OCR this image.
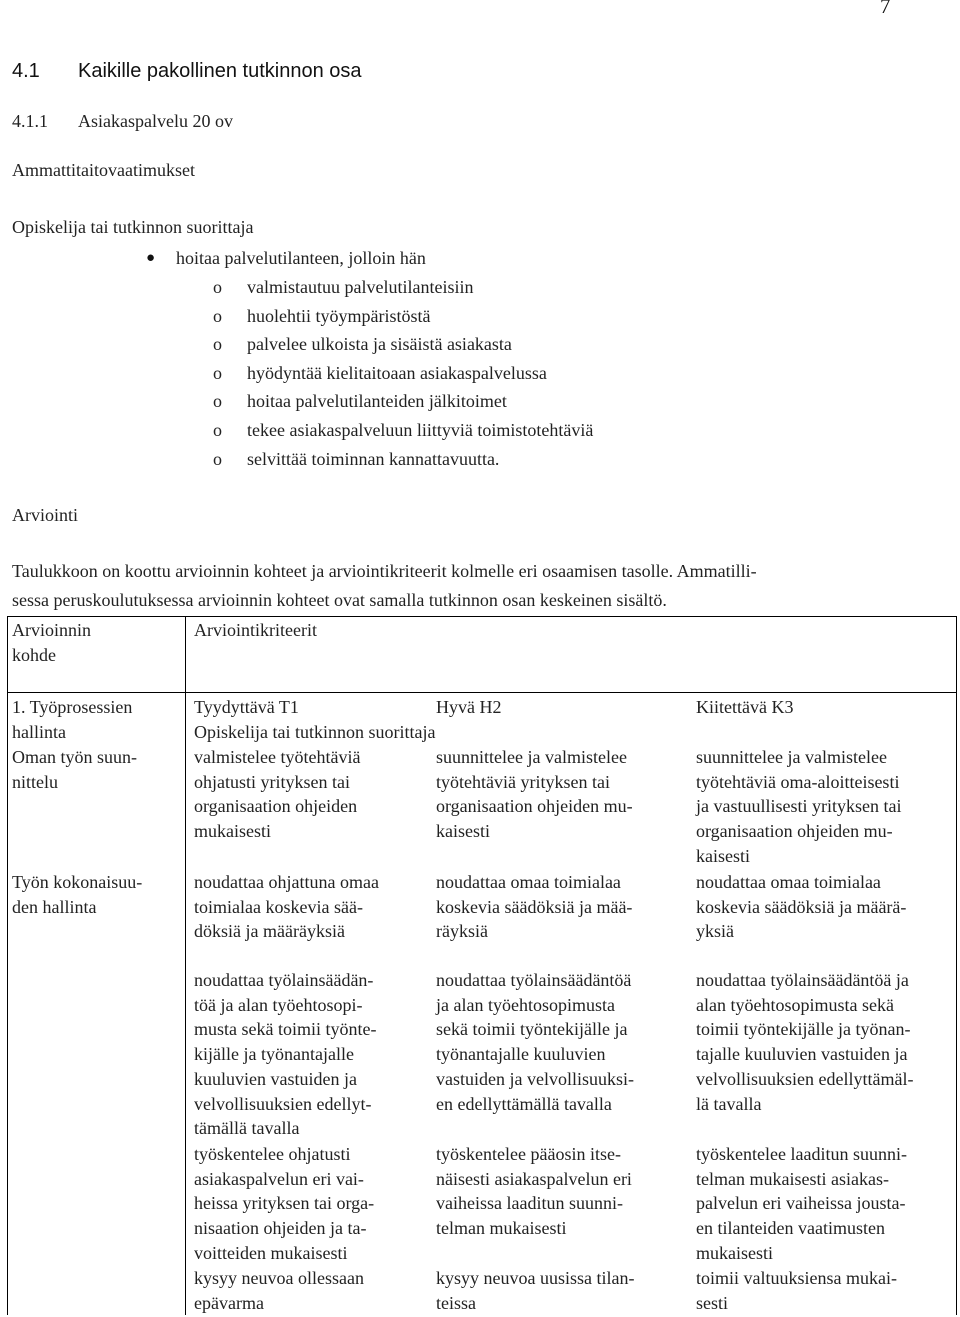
7
4.1 Kaikille pakollinen tutkinnon osa
4.1.1 Asiakaspalvelu 20 ov
Ammattitaitovaatimukset
Opiskelija tai tutkinnon suorittaja
● hoitaa palvelutilanteen, jolloin hän
o valmistautuu palvelutilanteisiin
o huolehtii työympäristöstä
o palvelee ulkoista ja sisäistä asiakasta
o hyödyntää kielitaitoaan asiakaspalvelussa
o hoitaa palvelutilanteiden jälkitoimet
o tekee asiakaspalveluun liittyviä toimistotehtäviä
o selvittää toiminnan kannattavuutta.
Arviointi
Taulukkoon on koottu arvioinnin kohteet ja arviointikriteerit kolmelle eri osaamisen tasolle. Ammatilli-
sessa peruskoulutuksessa arvioinnin kohteet ovat samalla tutkinnon osan keskeinen sisältö.
Arvioinnin
kohde
Arviointikriteerit
1. Työprosessien
hallinta
Tyydyttävä T1	Hyvä H2	Kiitettävä K3
Opiskelija tai tutkinnon suorittaja
Oman työn suun-
nittelu
valmistelee työtehtäviä
ohjatusti yrityksen tai
organisaation ohjeiden
mukaisesti
suunnittelee ja valmistelee
työtehtäviä yrityksen tai
organisaation ohjeiden mu-
kaisesti
suunnittelee ja valmistelee
työtehtäviä oma-aloitteisesti
ja vastuullisesti yrityksen tai
organisaation ohjeiden mu-
kaisesti
Työn kokonaisuu-
den hallinta
noudattaa ohjattuna omaa
toimialaa koskevia sää-
döksiä ja määräyksiä
noudattaa omaa toimialaa
koskevia säädöksiä ja mää-
räyksiä
noudattaa omaa toimialaa
koskevia säädöksiä ja määrä-
yksiä
noudattaa työlainsäädän-
töä ja alan työehtosopi-
musta sekä toimii työnte-
kijälle ja työnantajalle
kuuluvien vastuiden ja
velvollisuuksien edellyt-
tämällä tavalla
noudattaa työlainsäädäntöä
ja alan työehtosopimusta
sekä toimii työntekijälle ja
työnantajalle kuuluvien
vastuiden ja velvollisuuksi-
en edellyttämällä tavalla
noudattaa työlainsäädäntöä ja
alan työehtosopimusta sekä
toimii työntekijälle ja työnan-
tajalle kuuluvien vastuiden ja
velvollisuuksien edellyttämäl-
lä tavalla
työskentelee ohjatusti
asiakaspalvelun eri vai-
heissa yrityksen tai orga-
nisaation ohjeiden ja ta-
voitteiden mukaisesti
työskentelee pääosin itse-
näisesti asiakaspalvelun eri
vaiheissa laaditun suunni-
telman mukaisesti
työskentelee laaditun suunni-
telman mukaisesti asiakas-
palvelun eri vaiheissa jousta-
en tilanteiden vaatimusten
mukaisesti
kysyy neuvoa ollessaan
epävarma
kysyy neuvoa uusissa tilan-
teissa
toimii valtuuksiensa mukai-
sesti
